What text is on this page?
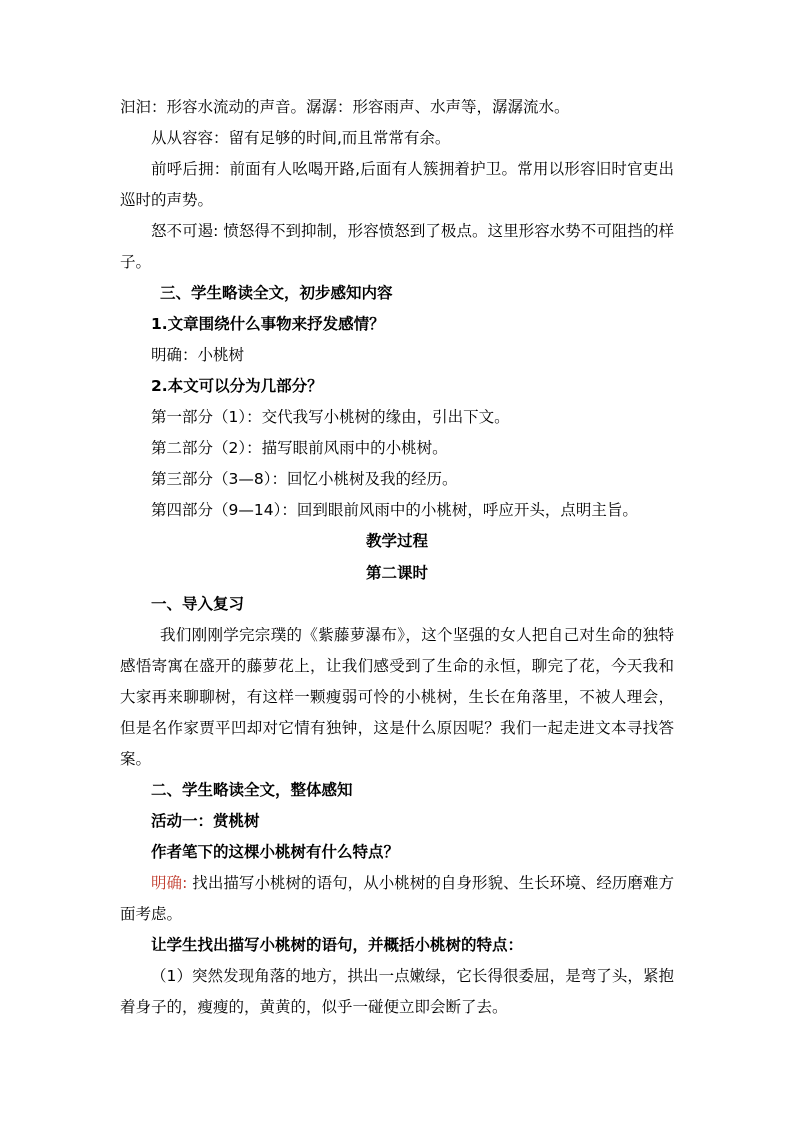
汩汩：形容水流动的声音。潺潺：形容雨声、水声等，潺潺流水。

从从容容：留有足够的时间,而且常常有余。

前呼后拥：前面有人吆喝开路,后面有人簇拥着护卫。常用以形容旧时官吏出巡时的声势。

怒不可遏: 愤怒得不到抑制，形容愤怒到了极点。这里形容水势不可阻挡的样子。

三、学生略读全文，初步感知内容

1.文章围绕什么事物来抒发感情？

明确：小桃树

2.本文可以分为几部分？

第一部分（1）：交代我写小桃树的缘由，引出下文。

第二部分（2）：描写眼前风雨中的小桃树。

第三部分（3—8）：回忆小桃树及我的经历。

第四部分（9—14）：回到眼前风雨中的小桃树，呼应开头，点明主旨。

教学过程

第二课时

一、导入复习

我们刚刚学完宗璞的《紫藤萝瀑布》，这个坚强的女人把自己对生命的独特感悟寄寓在盛开的藤萝花上，让我们感受到了生命的永恒，聊完了花，今天我和大家再来聊聊树，有这样一颗瘦弱可怜的小桃树，生长在角落里，不被人理会，但是名作家贾平凹却对它情有独钟，这是什么原因呢？我们一起走进文本寻找答案。

二、学生略读全文，整体感知

活动一：赏桃树

作者笔下的这棵小桃树有什么特点？

明确: 找出描写小桃树的语句，从小桃树的自身形貌、生长环境、经历磨难方面考虑。

让学生找出描写小桃树的语句，并概括小桃树的特点：

（1）突然发现角落的地方，拱出一点嫩绿，它长得很委屈，是弯了头，紧抱着身子的，瘦瘦的，黄黄的，似乎一碰便立即会断了去。
